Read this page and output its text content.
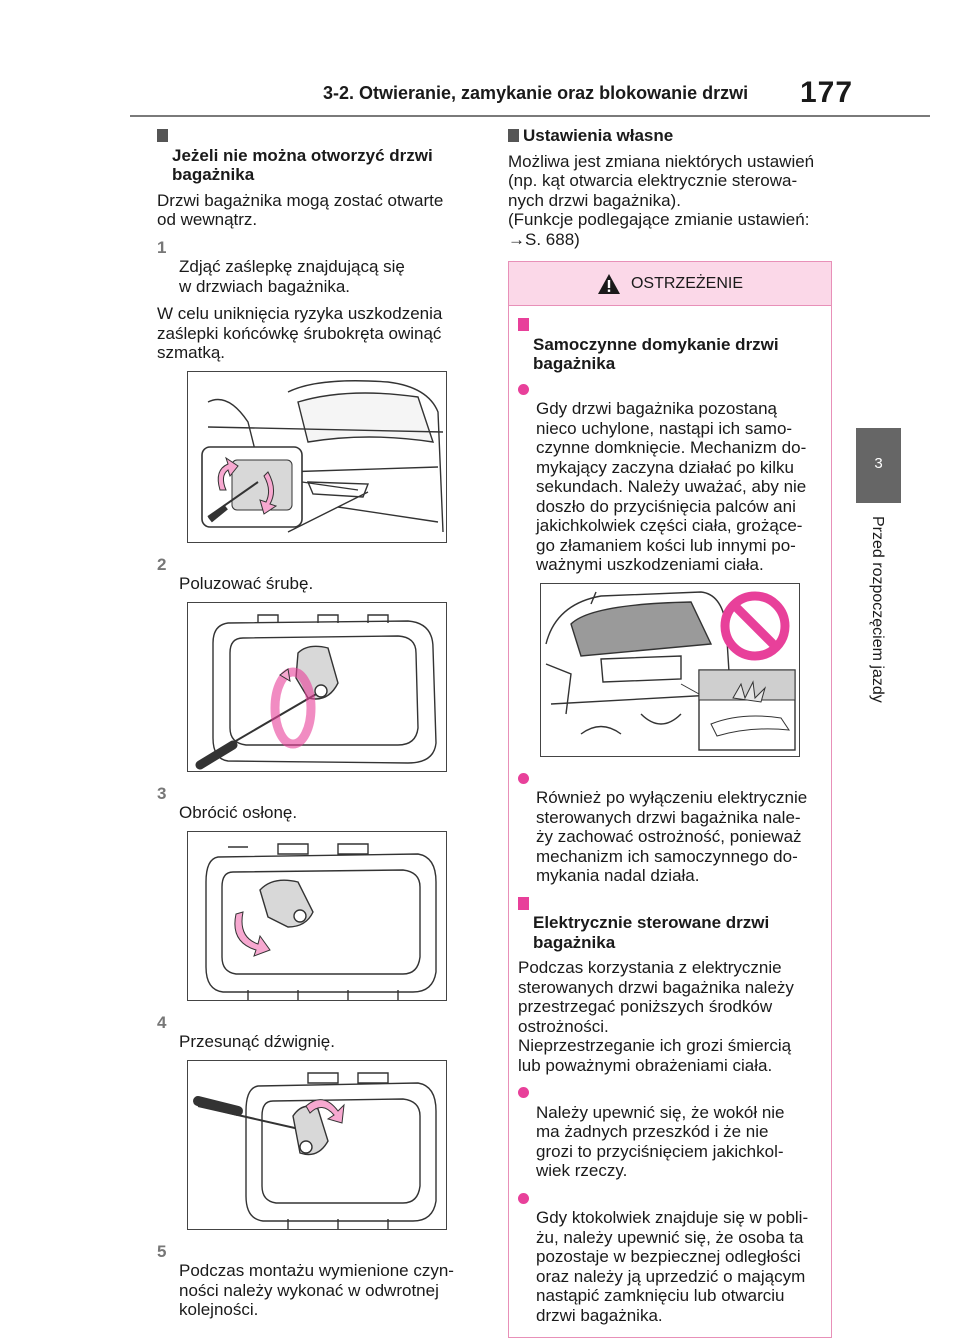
3-2. Otwieranie, zamykanie oraz blokowanie drzwi 177
3
Przed rozpoczęciem jazdy

Jeżeli nie można otworzyć drzwi
bagażnika

Drzwi bagażnika mogą zostać otwarte
od wewnątrz.

1
Zdjąć zaślepkę znajdującą się
w drzwiach bagażnika.

W celu uniknięcia ryzyka uszkodzenia
zaślepki końcówkę śrubokręta owinąć
szmatką.

2
Poluzować śrubę.

3
Obrócić osłonę.

4
Przesunąć dźwignię.

5
Podczas montażu wymienione czyn-
ności należy wykonać w odwrotnej
kolejności.

Ustawienia własne

Możliwa jest zmiana niektórych ustawień
(np. kąt otwarcia elektrycznie sterowa-
nych drzwi bagażnika).
(Funkcje podlegające zmianie ustawień:
→S. 688)

OSTRZEŻENIE

Samoczynne domykanie drzwi
bagażnika

Gdy drzwi bagażnika pozostaną
nieco uchylone, nastąpi ich samo-
czynne domknięcie. Mechanizm do-
mykający zaczyna działać po kilku
sekundach. Należy uważać, aby nie
doszło do przyciśnięcia palców ani
jakichkolwiek części ciała, grożące-
go złamaniem kości lub innymi po-
ważnymi uszkodzeniami ciała.

Również po wyłączeniu elektrycznie
sterowanych drzwi bagażnika nale-
ży zachować ostrożność, ponieważ
mechanizm ich samoczynnego do-
mykania nadal działa.

Elektrycznie sterowane drzwi
bagażnika

Podczas korzystania z elektrycznie
sterowanych drzwi bagażnika należy
przestrzegać poniższych środków
ostrożności.
Nieprzestrzeganie ich grozi śmiercią
lub poważnymi obrażeniami ciała.

Należy upewnić się, że wokół nie
ma żadnych przeszkód i że nie
grozi to przyciśnięciem jakichkol-
wiek rzeczy.

Gdy ktokolwiek znajduje się w pobli-
żu, należy upewnić się, że osoba ta
pozostaje w bezpiecznej odległości
oraz należy ją uprzedzić o mającym
nastąpić zamknięciu lub otwarciu
drzwi bagażnika.
